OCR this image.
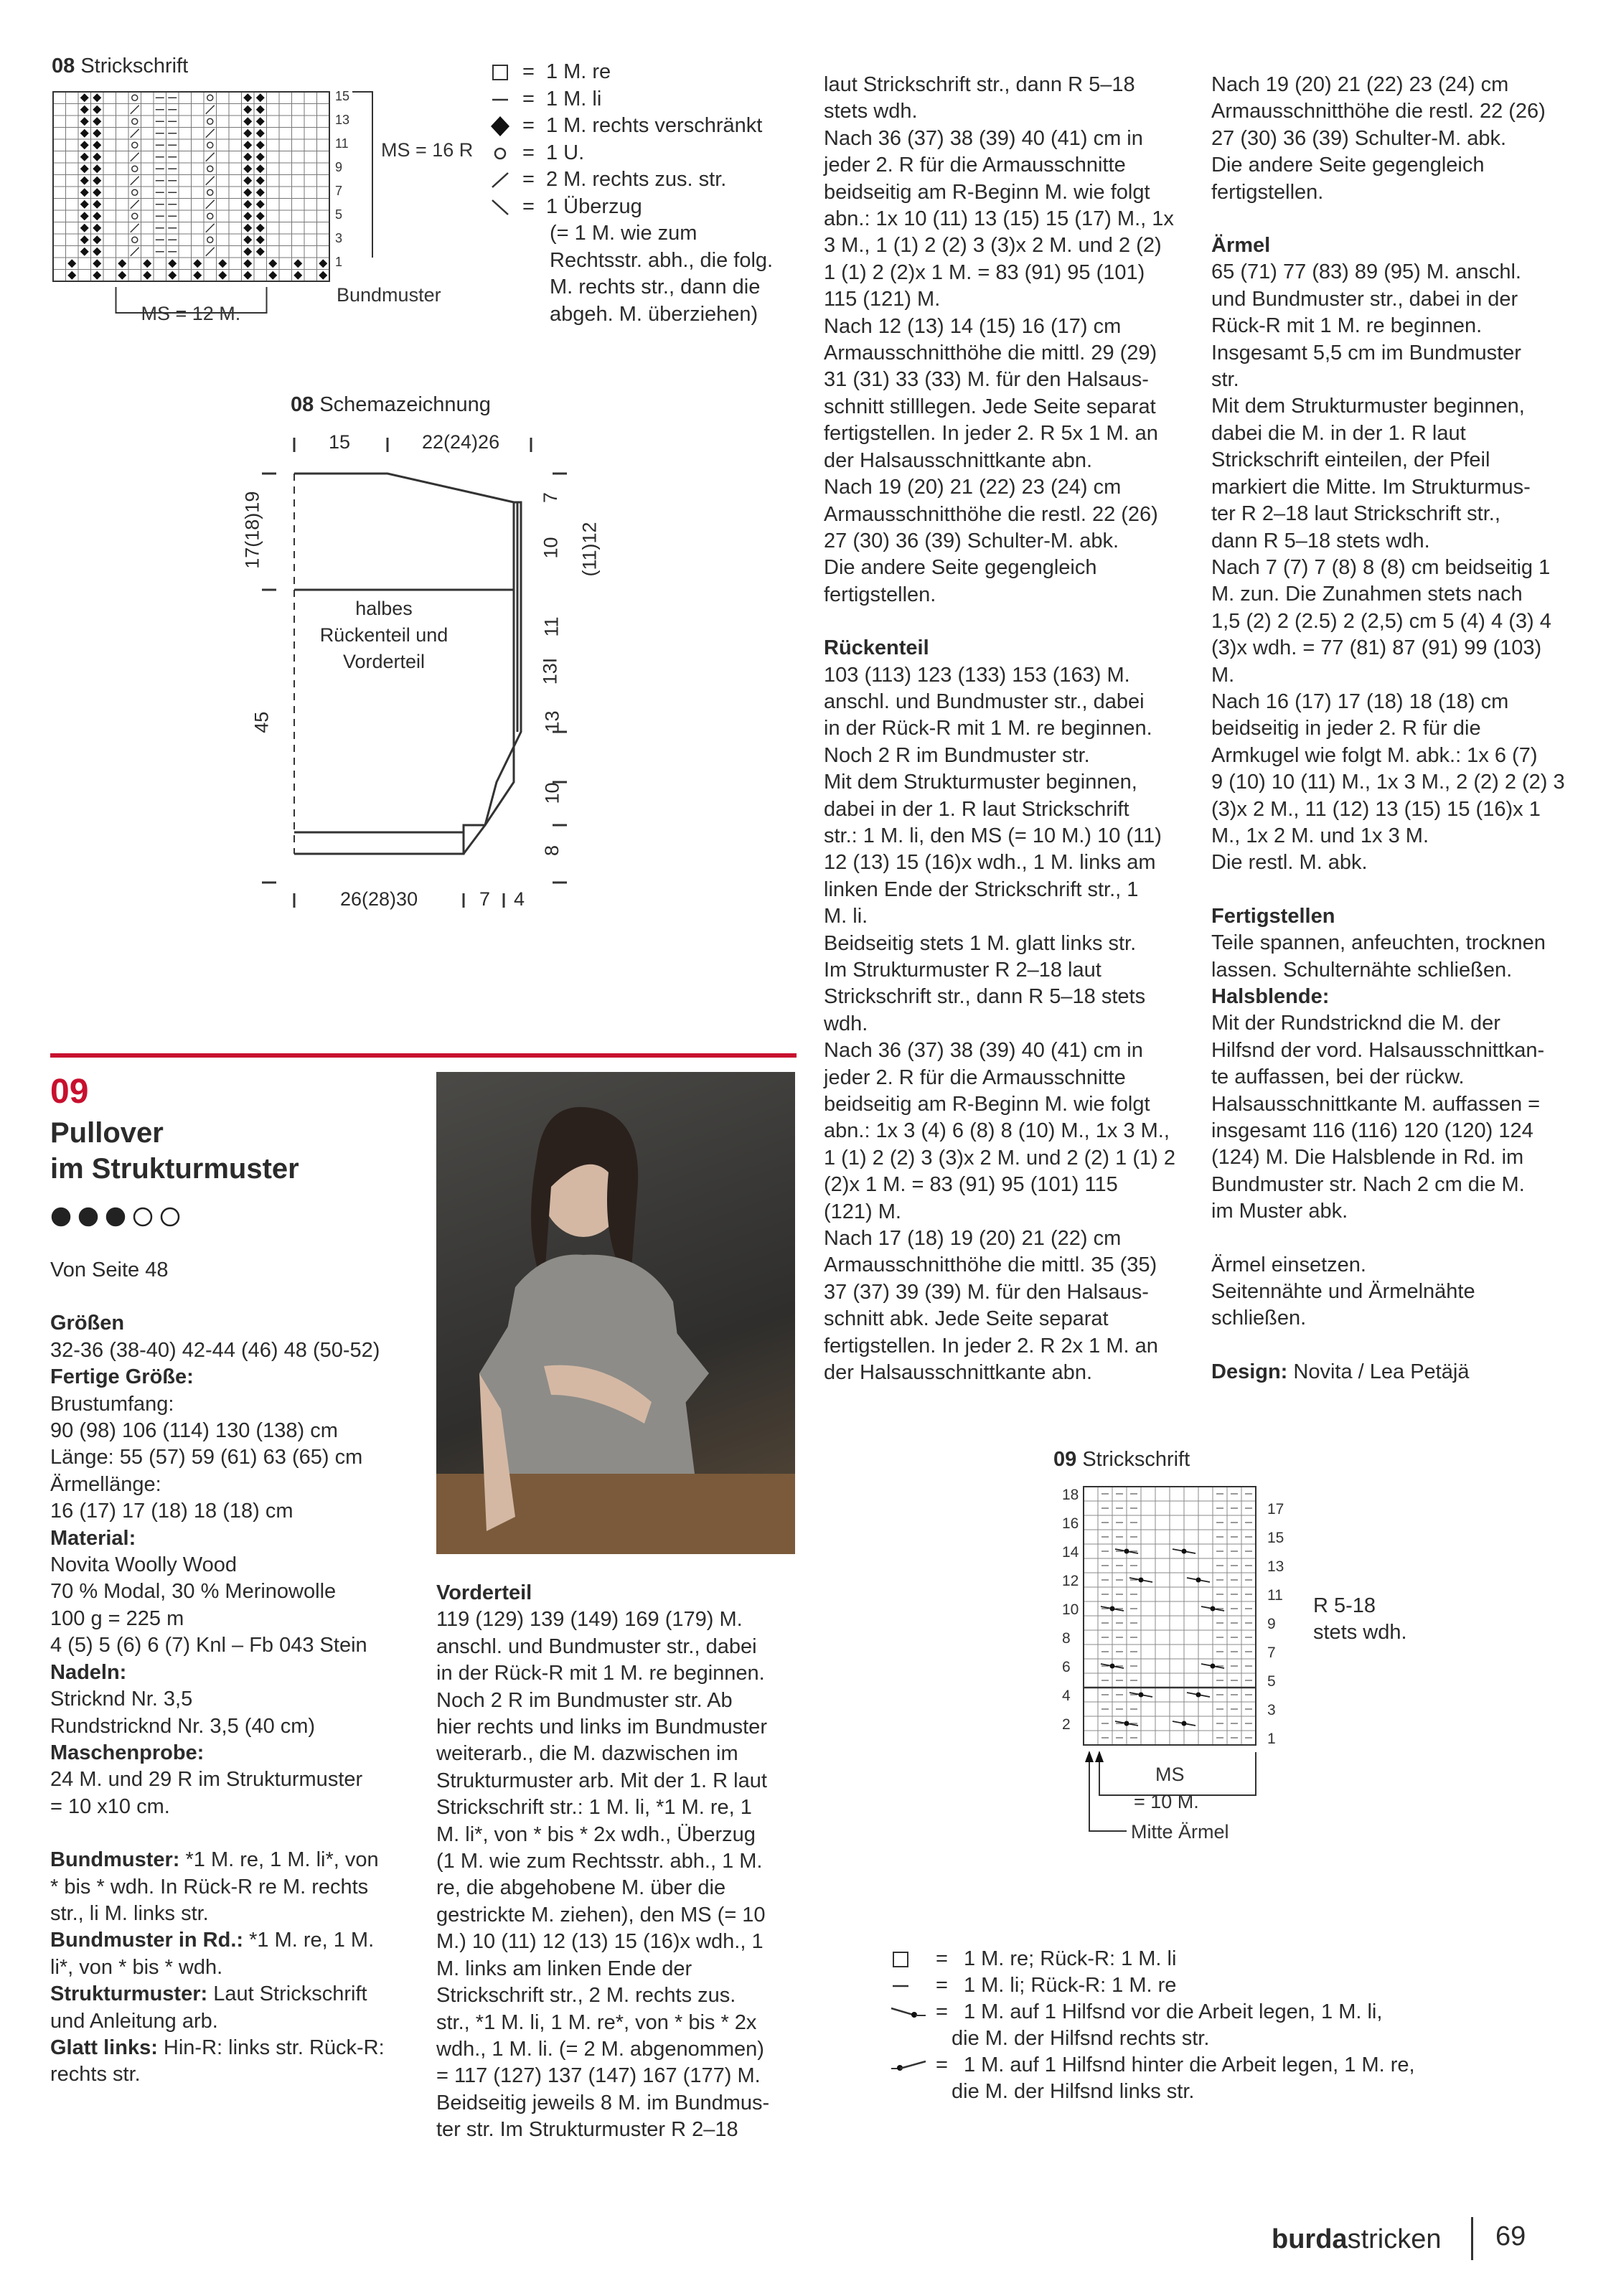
08 Strickschrift
15
13
11
9
7
5
3
1
MS = 16 R
Bundmuster
MS = 12 M.
= 1 M. re
= 1 M. li
= 1 M. rechts verschränkt
= 1 U.
= 2 M. rechts zus. str.
= 1 Überzug
(= 1 M. wie zum
Rechtsstr. abh., die folg.
M. rechts str., dann die
abgeh. M. überziehen)
08 Schemazeichnung
15	22(24)26
17(18)19
45
halbes
Rückenteil und
Vorderteil
7
10 (11)12
11
13I
13
10
8
26(28)30	7 4
09
Pullover
im Strukturmuster

Von Seite 48

Größen

32-36 (38-40) 42-44 (46) 48 (50-52)

Fertige Größe:

Brustumfang:

90 (98) 106 (114) 130 (138) cm

Länge: 55 (57) 59 (61) 63 (65) cm

Ärmellänge:

16 (17) 17 (18) 18 (18) cm

Material:

Novita Woolly Wood

70 % Modal, 30 % Merinowolle

100 g = 225 m

4 (5) 5 (6) 6 (7) Knl – Fb 043 Stein

Nadeln:

Stricknd Nr. 3,5

Rundstricknd Nr. 3,5 (40 cm)

Maschenprobe:

24 M. und 29 R im Strukturmuster

= 10 x10 cm.

Bundmuster: *1 M. re, 1 M. li*, von

* bis * wdh. In Rück-R re M. rechts

str., li M. links str.

Bundmuster in Rd.: *1 M. re, 1 M.

li*, von * bis * wdh.

Strukturmuster: Laut Strickschrift

und Anleitung arb.

Glatt links: Hin-R: links str. Rück-R:

rechts str.

Vorderteil

119 (129) 139 (149) 169 (179) M.

anschl. und Bundmuster str., dabei

in der Rück-R mit 1 M. re beginnen.

Noch 2 R im Bundmuster str. Ab

hier rechts und links im Bundmuster

weiterarb., die M. dazwischen im

Strukturmuster arb. Mit der 1. R laut

Strickschrift str.: 1 M. li, *1 M. re, 1

M. li*, von * bis * 2x wdh., Überzug

(1 M. wie zum Rechtsstr. abh., 1 M.

re, die abgehobene M. über die

gestrickte M. ziehen), den MS (= 10

M.) 10 (11) 12 (13) 15 (16)x wdh., 1

M. links am linken Ende der

Strickschrift str., 2 M. rechts zus.

str., *1 M. li, 1 M. re*, von * bis * 2x

wdh., 1 M. li. (= 2 M. abgenommen)

= 117 (127) 137 (147) 167 (177) M.

Beidseitig jeweils 8 M. im Bundmus-

ter str. Im Strukturmuster R 2–18

laut Strickschrift str., dann R 5–18

stets wdh.

Nach 36 (37) 38 (39) 40 (41) cm in

jeder 2. R für die Armausschnitte

beidseitig am R-Beginn M. wie folgt

abn.: 1x 10 (11) 13 (15) 15 (17) M., 1x

3 M., 1 (1) 2 (2) 3 (3)x 2 M. und 2 (2)

1 (1) 2 (2)x 1 M. = 83 (91) 95 (101)

115 (121) M.

Nach 12 (13) 14 (15) 16 (17) cm

Armausschnitthöhe die mittl. 29 (29)

31 (31) 33 (33) M. für den Halsaus-

schnitt stilllegen. Jede Seite separat

fertigstellen. In jeder 2. R 5x 1 M. an

der Halsausschnittkante abn.

Nach 19 (20) 21 (22) 23 (24) cm

Armausschnitthöhe die restl. 22 (26)

27 (30) 36 (39) Schulter-M. abk.

Die andere Seite gegengleich

fertigstellen.

Rückenteil

103 (113) 123 (133) 153 (163) M.

anschl. und Bundmuster str., dabei

in der Rück-R mit 1 M. re beginnen.

Noch 2 R im Bundmuster str.

Mit dem Strukturmuster beginnen,

dabei in der 1. R laut Strickschrift

str.: 1 M. li, den MS (= 10 M.) 10 (11)

12 (13) 15 (16)x wdh., 1 M. links am

linken Ende der Strickschrift str., 1

M. li.

Beidseitig stets 1 M. glatt links str.

Im Strukturmuster R 2–18 laut

Strickschrift str., dann R 5–18 stets

wdh.

Nach 36 (37) 38 (39) 40 (41) cm in

jeder 2. R für die Armausschnitte

beidseitig am R-Beginn M. wie folgt

abn.: 1x 3 (4) 6 (8) 8 (10) M., 1x 3 M.,

1 (1) 2 (2) 3 (3)x 2 M. und 2 (2) 1 (1) 2

(2)x 1 M. = 83 (91) 95 (101) 115

(121) M.

Nach 17 (18) 19 (20) 21 (22) cm

Armausschnitthöhe die mittl. 35 (35)

37 (37) 39 (39) M. für den Halsaus-

schnitt abk. Jede Seite separat

fertigstellen. In jeder 2. R 2x 1 M. an

der Halsausschnittkante abn.

Nach 19 (20) 21 (22) 23 (24) cm

Armausschnitthöhe die restl. 22 (26)

27 (30) 36 (39) Schulter-M. abk.

Die andere Seite gegengleich

fertigstellen.

Ärmel

65 (71) 77 (83) 89 (95) M. anschl.

und Bundmuster str., dabei in der

Rück-R mit 1 M. re beginnen.

Insgesamt 5,5 cm im Bundmuster

str.

Mit dem Strukturmuster beginnen,

dabei die M. in der 1. R laut

Strickschrift einteilen, der Pfeil

markiert die Mitte. Im Strukturmus-

ter R 2–18 laut Strickschrift str.,

dann R 5–18 stets wdh.

Nach 7 (7) 7 (8) 8 (8) cm beidseitig 1

M. zun. Die Zunahmen stets nach

1,5 (2) 2 (2.5) 2 (2,5) cm 5 (4) 4 (3) 4

(3)x wdh. = 77 (81) 87 (91) 99 (103)

M.

Nach 16 (17) 17 (18) 18 (18) cm

beidseitig in jeder 2. R für die

Armkugel wie folgt M. abk.: 1x 6 (7)

9 (10) 10 (11) M., 1x 3 M., 2 (2) 2 (2) 3

(3)x 2 M., 11 (12) 13 (15) 15 (16)x 1

M., 1x 2 M. und 1x 3 M.

Die restl. M. abk.

Fertigstellen

Teile spannen, anfeuchten, trocknen

lassen. Schulternähte schließen.

Halsblende:

Mit der Rundstricknd die M. der

Hilfsnd der vord. Halsausschnittkan-

te auffassen, bei der rückw.

Halsausschnittkante M. auffassen =

insgesamt 116 (116) 120 (120) 124

(124) M. Die Halsblende in Rd. im

Bundmuster str. Nach 2 cm die M.

im Muster abk.

Ärmel einsetzen.

Seitennähte und Ärmelnähte

schließen.

Design: Novita / Lea Petäjä

09 Strickschrift
18
16
14
12
10
8
6
4
2
17
15
13
11
9
7
5
3
1
MS
= 10 M.
Mitte Ärmel

R 5-18

stets wdh.

= 1 M. re; Rück-R: 1 M. li
= 1 M. li; Rück-R: 1 M. re
= 1 M. auf 1 Hilfsnd vor die Arbeit legen, 1 M. li,
die M. der Hilfsnd rechts str.
= 1 M. auf 1 Hilfsnd hinter die Arbeit legen, 1 M. re,
die M. der Hilfsnd links str.
burdastricken 69
